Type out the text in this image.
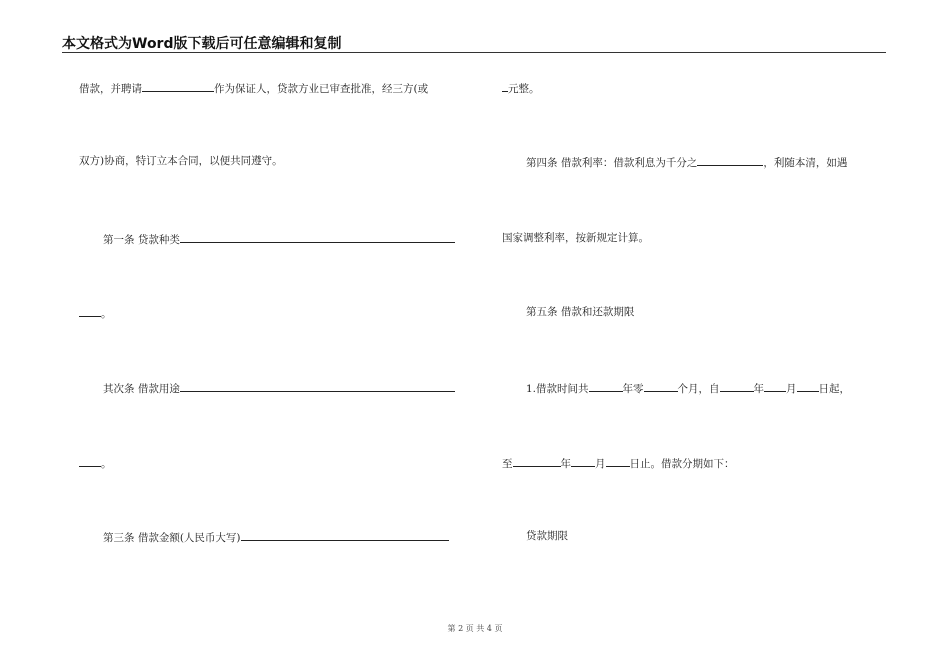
本文格式为Word版下载后可任意编辑和复制
借款，并聘请	作为保证人，贷款方业已审查批准，经三方(或
双方)协商，特订立本合同，以便共同遵守。
第一条 贷款种类
。
其次条 借款用途
。
第三条 借款金额(人民币大写)
元整。
第四条 借款利率：借款利息为千分之	，利随本清，如遇
国家调整利率，按新规定计算。
第五条 借款和还款期限
1.借款时间共	年零	个月，自	年 月 日起，
至	年 月 日止。借款分期如下：
贷款期限
第 2 页 共 4 页
